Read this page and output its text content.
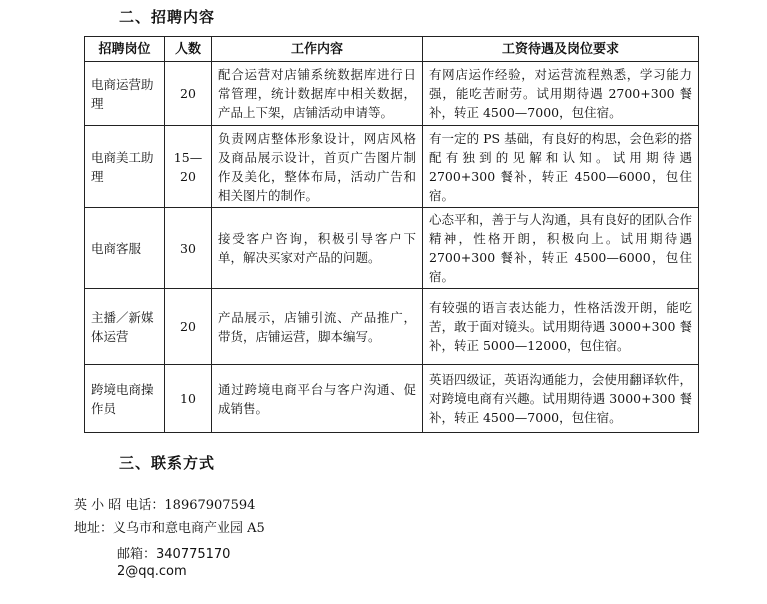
二、招聘内容
招聘岗位	人数	工作内容	工资待遇及岗位要求
电商运营助理	20	配合运营对店铺系统数据库进行日常管理，统计数据库中相关数据，产品上下架，店铺活动申请等。	有网店运作经验，对运营流程熟悉，学习能力强，能吃苦耐劳。试用期待遇 2700+300 餐补，转正 4500—7000，包住宿。
电商美工助理	15—20	负责网店整体形象设计，网店风格及商品展示设计，首页广告图片制作及美化，整体布局，活动广告和相关图片的制作。	有一定的 PS 基础，有良好的构思，会色彩的搭配有独到的见解和认知。试用期待遇 2700+300 餐补，转正 4500—6000，包住宿。
电商客服	30	接受客户咨询，积极引导客户下单，解决买家对产品的问题。	心态平和，善于与人沟通，具有良好的团队合作精神，性格开朗，积极向上。试用期待遇 2700+300 餐补，转正 4500—6000，包住宿。
主播／新媒体运营	20	产品展示，店铺引流、产品推广，带货，店铺运营，脚本编写。	有较强的语言表达能力，性格活泼开朗，能吃苦，敢于面对镜头。试用期待遇 3000+300 餐补，转正 5000—12000，包住宿。
跨境电商操作员	10	通过跨境电商平台与客户沟通、促成销售。	英语四级证，英语沟通能力，会使用翻译软件，对跨境电商有兴趣。试用期待遇 3000+300 餐补，转正 4500—7000，包住宿。
三、联系方式
英 小 昭 电话：18967907594
地址：义乌市和意电商产业园 A5
邮箱：3407751702@qq.com
